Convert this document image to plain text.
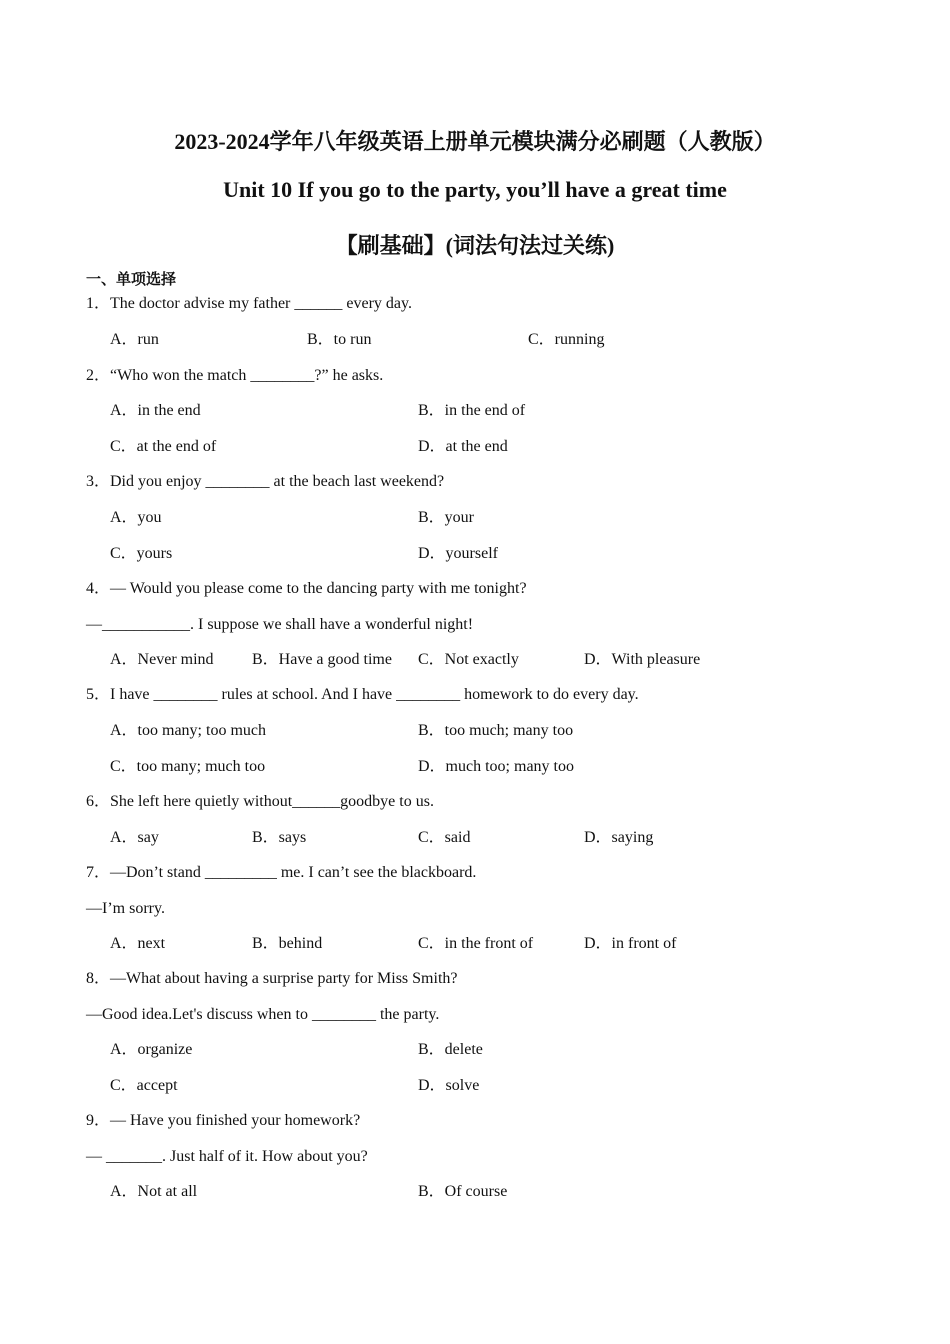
2023-2024学年八年级英语上册单元模块满分必刷题（人教版）
Unit 10 If you go to the party, you’ll have a great time
【刷基础】(词法句法过关练)
一、单项选择
1．The doctor advise my father ______ every day.
A．run	B．to run	C．running
2．“Who won the match ________?” he asks.
A．in the end	B．in the end of
C．at the end of	D．at the end
3．Did you enjoy ________ at the beach last weekend?
A．you	B．your
C．yours	D．yourself
4．— Would you please come to the dancing party with me tonight?
—___________. I suppose we shall have a wonderful night!
A．Never mind B．Have a good time C．Not exactly	D．With pleasure
5．I have ________ rules at school. And I have ________ homework to do every day.
A．too many; too much	B．too much; many too
C．too many; much too	D．much too; many too
6．She left here quietly without______goodbye to us.
A．say	B．says	C．said	D．saying
7．—Don’t stand _________ me. I can’t see the blackboard.
—I’m sorry.
A．next	B．behind	C．in the front of	D．in front of
8．—What about having a surprise party for Miss Smith?
—Good idea.Let's discuss when to ________ the party.
A．organize	B．delete
C．accept	D．solve
9．— Have you finished your homework?
— _______. Just half of it. How about you?
A．Not at all	B．Of course
